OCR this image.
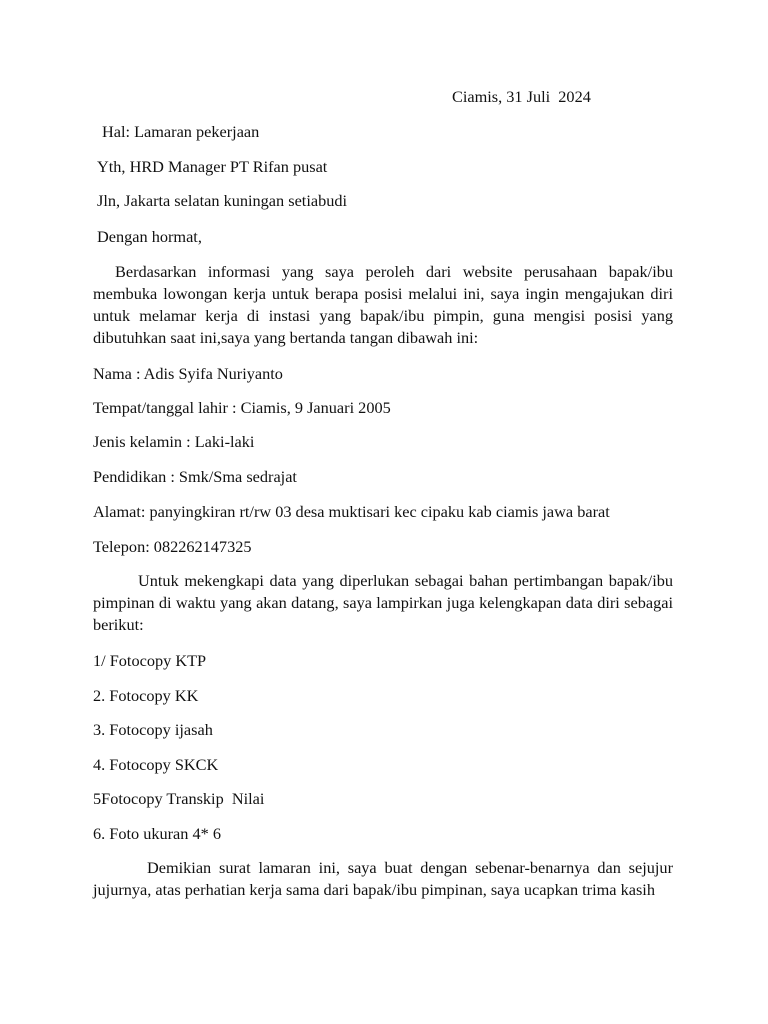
Ciamis, 31 Juli  2024
Hal: Lamaran pekerjaan
Yth, HRD Manager PT Rifan pusat
Jln, Jakarta selatan kuningan setiabudi
Dengan hormat,
Berdasarkan informasi yang saya peroleh dari website perusahaan bapak/ibu membuka lowongan kerja untuk berapa posisi melalui ini, saya ingin mengajukan diri untuk melamar kerja di instasi yang bapak/ibu pimpin, guna mengisi posisi yang dibutuhkan saat ini,saya yang bertanda tangan dibawah ini:
Nama : Adis Syifa Nuriyanto
Tempat/tanggal lahir : Ciamis, 9 Januari 2005
Jenis kelamin : Laki-laki
Pendidikan : Smk/Sma sedrajat
Alamat: panyingkiran rt/rw 03 desa muktisari kec cipaku kab ciamis jawa barat
Telepon: 082262147325
Untuk mekengkapi data yang diperlukan sebagai bahan pertimbangan bapak/ibu pimpinan di waktu yang akan datang, saya lampirkan juga kelengkapan data diri sebagai berikut:
1/ Fotocopy KTP
2. Fotocopy KK
3. Fotocopy ijasah
4. Fotocopy SKCK
5Fotocopy Transkip  Nilai
6. Foto ukuran 4* 6
Demikian surat lamaran ini, saya buat dengan sebenar-benarnya dan sejujur jujurnya, atas perhatian kerja sama dari bapak/ibu pimpinan, saya ucapkan trima kasih
